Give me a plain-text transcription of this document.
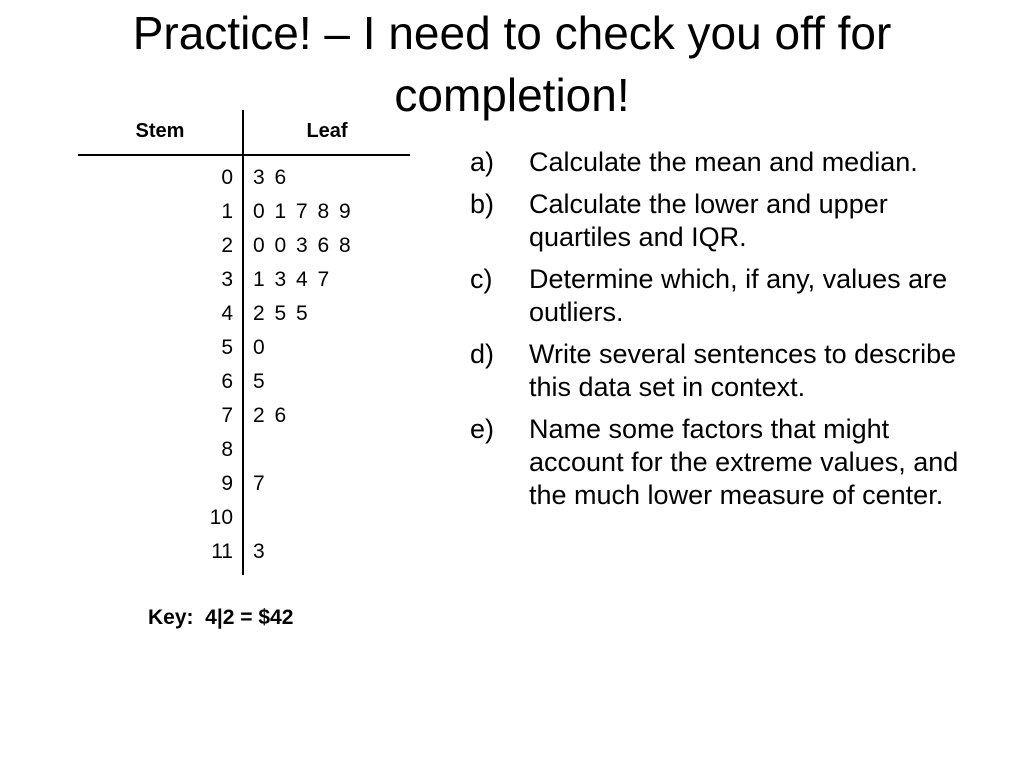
Practice! – I need to check you off for completion!
Stem	Leaf
0 3 6
1 0 1 7 8 9
2 0 0 3 6 8
3 1 3 4 7
4 2 5 5
5 0
6 5
7 2 6
8
9 7
10
11 3
Key:  4|2 = $42
a) Calculate the mean and median.
b) Calculate the lower and upper quartiles and IQR.
c) Determine which, if any, values are outliers.
d) Write several sentences to describe this data set in context.
e) Name some factors that might account for the extreme values, and the much lower measure of center.
